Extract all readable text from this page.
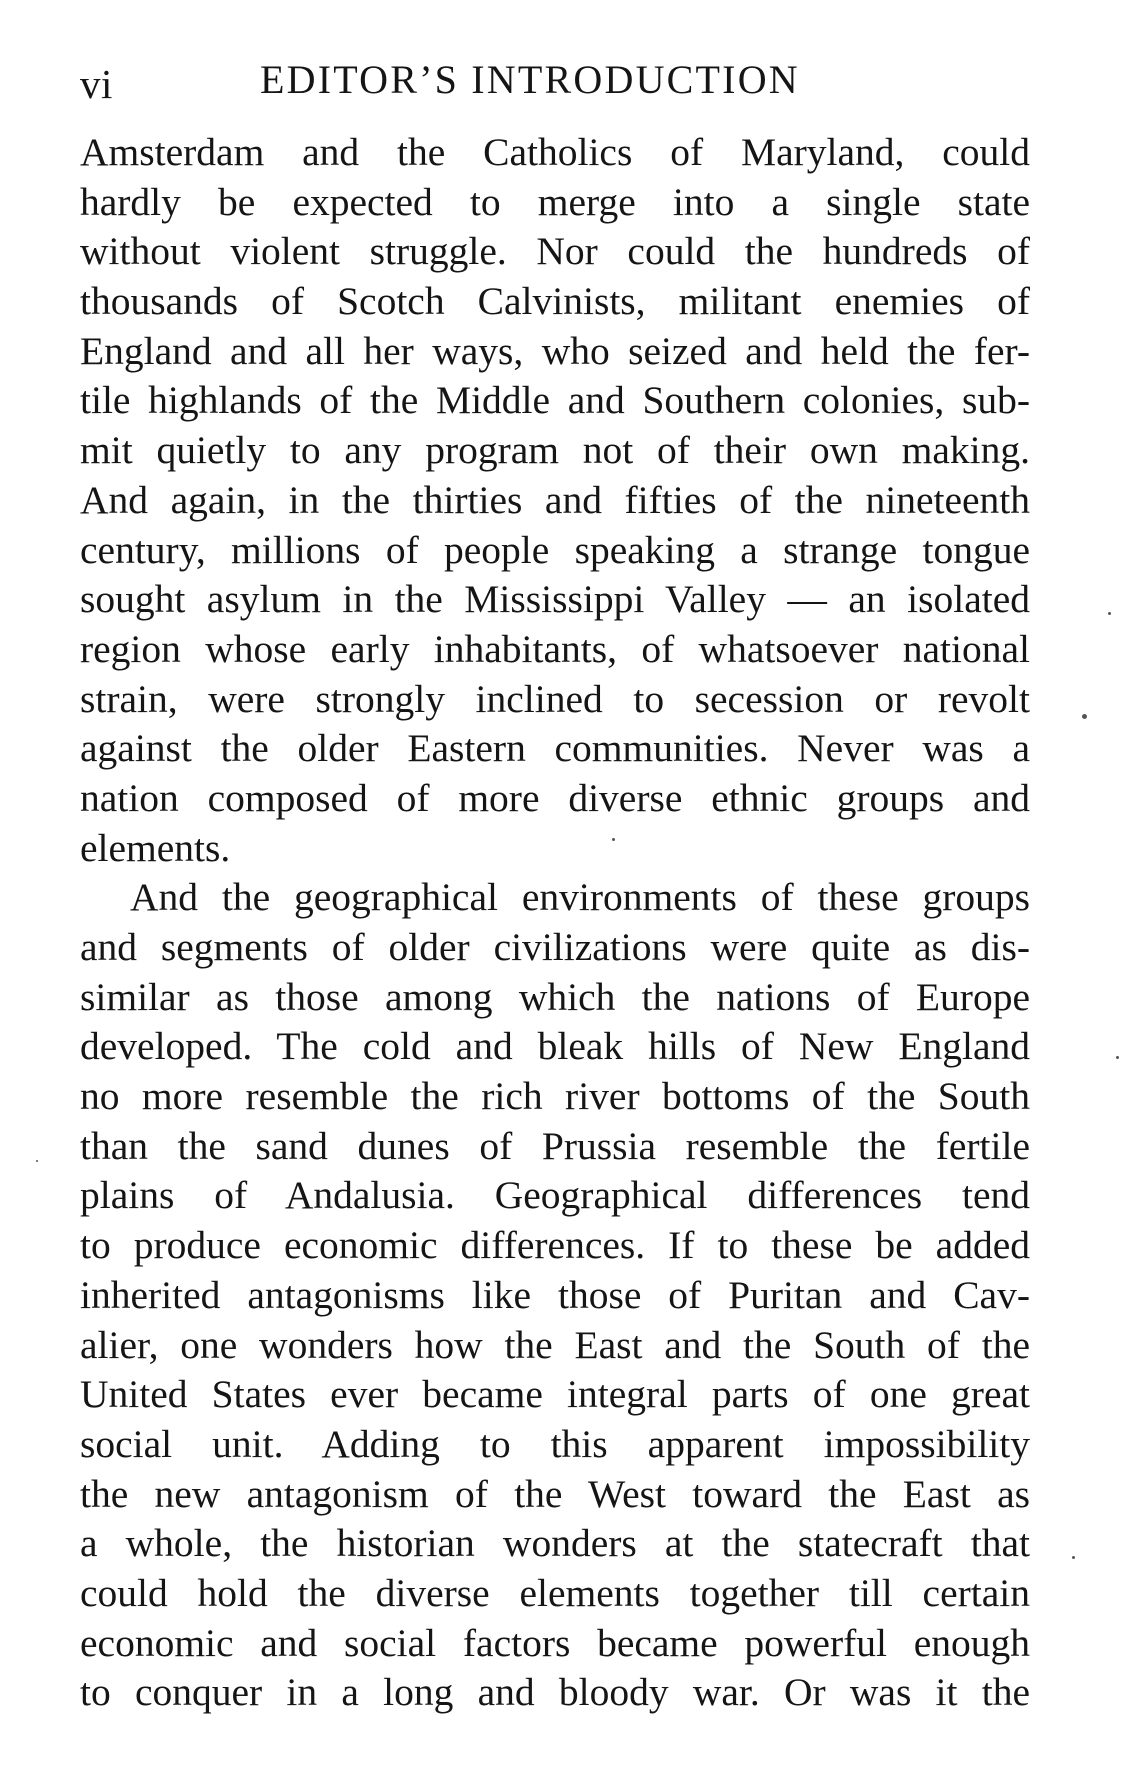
vi	EDITOR’S INTRODUCTION
Amsterdam and the Catholics of Maryland, could
hardly be expected to merge into a single state
without violent struggle. Nor could the hundreds of
thousands of Scotch Calvinists, militant enemies of
England and all her ways, who seized and held the fer-
tile highlands of the Middle and Southern colonies, sub-
mit quietly to any program not of their own making.
And again, in the thirties and fifties of the nineteenth
century, millions of people speaking a strange tongue
sought asylum in the Mississippi Valley — an isolated
region whose early inhabitants, of whatsoever national
strain, were strongly inclined to secession or revolt
against the older Eastern communities. Never was a
nation composed of more diverse ethnic groups and
elements.
And the geographical environments of these groups
and segments of older civilizations were quite as dis-
similar as those among which the nations of Europe
developed. The cold and bleak hills of New England
no more resemble the rich river bottoms of the South
than the sand dunes of Prussia resemble the fertile
plains of Andalusia. Geographical differences tend
to produce economic differences. If to these be added
inherited antagonisms like those of Puritan and Cav-
alier, one wonders how the East and the South of the
United States ever became integral parts of one great
social unit. Adding to this apparent impossibility
the new antagonism of the West toward the East as
a whole, the historian wonders at the statecraft that
could hold the diverse elements together till certain
economic and social factors became powerful enough
to conquer in a long and bloody war. Or was it the
